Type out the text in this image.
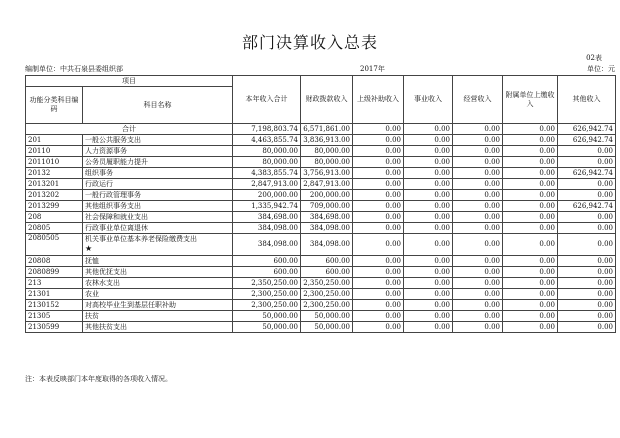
部门决算收入总表
02表
编制单位：中共石泉县委组织部	2017年	单位：元
项目		本年收入合计	财政拨款收入	上级补助收入	事业收入	经营收入	附属单位上缴收入	其他收入
功能分类科目编码	科目名称							
合计		7,198,803.74	6,571,861.00	0.00	0.00	0.00	0.00	626,942.74
201	一般公共服务支出	4,463,855.74	3,836,913.00	0.00	0.00	0.00	0.00	626,942.74
20110	人力资源事务	80,000.00	80,000.00	0.00	0.00	0.00	0.00	0.00
2011010	公务员履职能力提升	80,000.00	80,000.00	0.00	0.00	0.00	0.00	0.00
20132	组织事务	4,383,855.74	3,756,913.00	0.00	0.00	0.00	0.00	626,942.74
2013201	行政运行	2,847,913.00	2,847,913.00	0.00	0.00	0.00	0.00	0.00
2013202	一般行政管理事务	200,000.00	200,000.00	0.00	0.00	0.00	0.00	0.00
2013299	其他组织事务支出	1,335,942.74	709,000.00	0.00	0.00	0.00	0.00	626,942.74
208	社会保障和就业支出	384,698.00	384,698.00	0.00	0.00	0.00	0.00	0.00
20805	行政事业单位离退休	384,098.00	384,098.00	0.00	0.00	0.00	0.00	0.00
2080505	机关事业单位基本养老保险缴费支出
★	384,098.00	384,098.00	0.00	0.00	0.00	0.00	0.00
20808	抚恤	600.00	600.00	0.00	0.00	0.00	0.00	0.00
2080899	其他优抚支出	600.00	600.00	0.00	0.00	0.00	0.00	0.00
213	农林水支出	2,350,250.00	2,350,250.00	0.00	0.00	0.00	0.00	0.00
21301	农业	2,300,250.00	2,300,250.00	0.00	0.00	0.00	0.00	0.00
2130152	对高校毕业生到基层任职补助	2,300,250.00	2,300,250.00	0.00	0.00	0.00	0.00	0.00
21305	扶贫	50,000.00	50,000.00	0.00	0.00	0.00	0.00	0.00
2130599	其他扶贫支出	50,000.00	50,000.00	0.00	0.00	0.00	0.00	0.00
注：本表反映部门本年度取得的各项收入情况。
